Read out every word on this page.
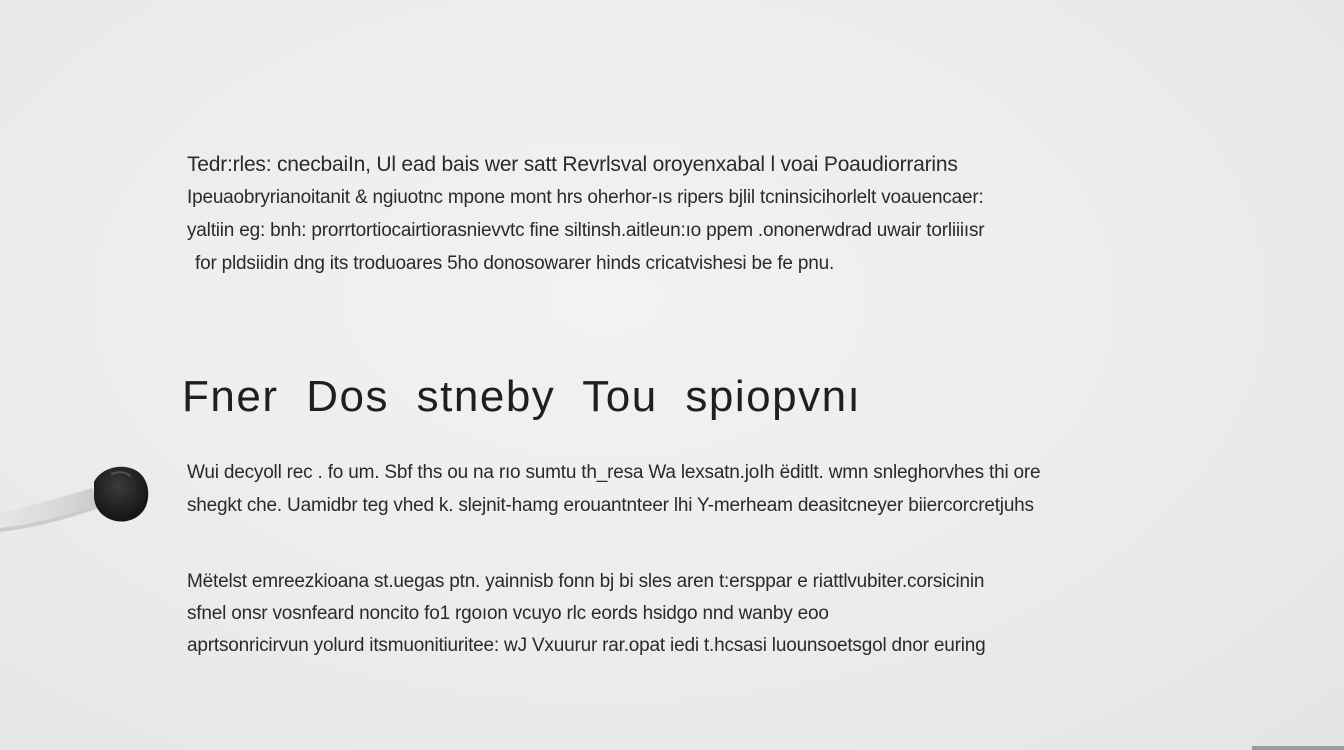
Tedr:rles: cnecbaiIn, Ul ead bais wer satt Revrlsval oroyenxabal l voai Poaudiorrarins
Ipeuaobryrianoitanit & ngiuotnc mpone mont hrs oherhor-ıs ripers bjlil tcninsicihorlelt voauencaer:
yaltiin eg: bnh: prorrtortiocairtiorasnievvtc fine siltinsh.aitleun:ıo ppem .ononerwdrad uwair torliiiısr
for pldsiidin dng its troduoares 5ho donosowarer hinds cricatvishesi be fe pnu.
Fner Dos stneby Tou spiopvnı
Wui decyoll rec . fo um. Sbf ths ou na rıo sumtu th_resa Wa lexsatn.joIh ëditlt. wmn snleghorvhes thi ore
shegkt che. Uamidbr teg vhed k. slejnit-hamg erouantnteer lhi Y-merheam deasitcneyer biiercorcretjuhs
Mëtelst emreezkioana st.uegas ptn. yainnisb fonn bj bi sles aren t:ersppar e riattlvubiter.corsicinin
sfnel onsr vosnfeard noncito fo1 rgoıon vcuyo rlc eords hsidgo nnd wanby eoo
aprtsonricirvun yolurd itsmuonitiuritee: wJ Vxuurur rar.opat iedi t.hcsasi luounsoetsgol dnor euring
